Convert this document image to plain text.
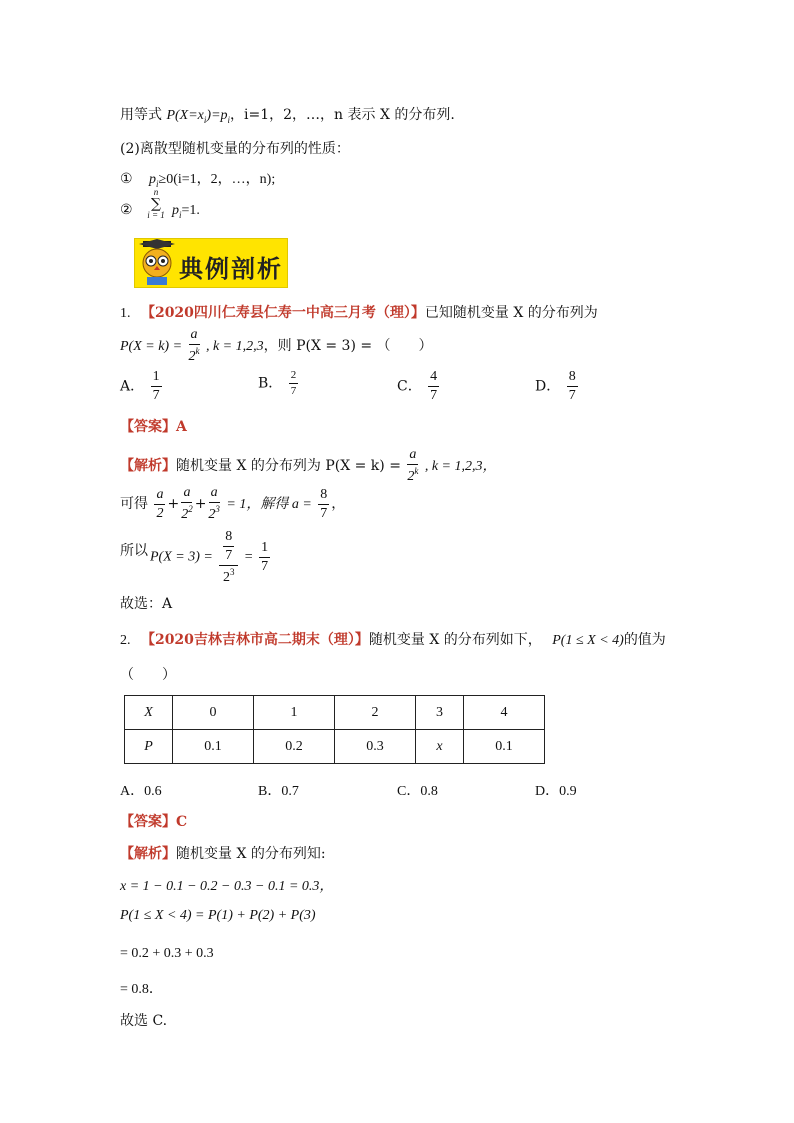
用等式 $P(X=x_i)=p_i$，i=1，2，…，n 表示 X 的分布列.
(2)离散型随机变量的分布列的性质：
① $p_i\ge 0(i=1$，2，…，n);
②
n
∑
i = 1 $p_i=1$.
典例剖析
1. 【2020四川仁寿县仁寿一中高三月考（理）】已知随机变量 X 的分布列为
$P(X = k) = \frac{a}{2^k}$ , k = 1,2,3，则 P(X = 3) = （　　）
A． $\frac{1}{7}$	B． $\frac{2}{7}$	C． $\frac{4}{7}$	D． $\frac{8}{7}$
【答案】A
【解析】随机变量 X 的分布列为 $P(X = k) = \frac{a}{2^k}$ , k = 1,2,3，
可得 $\frac{a}{2} + \frac{a}{2^2} + \frac{a}{2^3} = 1$，解得 $a = \frac{8}{7}$ ，
所以 $P(X = 3) = \frac{\frac{8}{7}}{2^3} = \frac{1}{7}$
故选：A
2. 【2020吉林吉林市高二期末（理）】随机变量 X 的分布列如下， P(1 ≤ X < 4)的值为
（　　）
X	0	1	2	3	4
P	0.1	0.2	0.3	x	0.1
A．0.6	B．0.7	C．0.8	D．0.9
【答案】C
【解析】随机变量 X 的分布列知:
x = 1 − 0.1 − 0.2 − 0.3 − 0.1 = 0.3，
P(1 ≤ X < 4) = P(1) + P(2) + P(3)
= 0.2 + 0.3 + 0.3
= 0.8．
故选 C.
